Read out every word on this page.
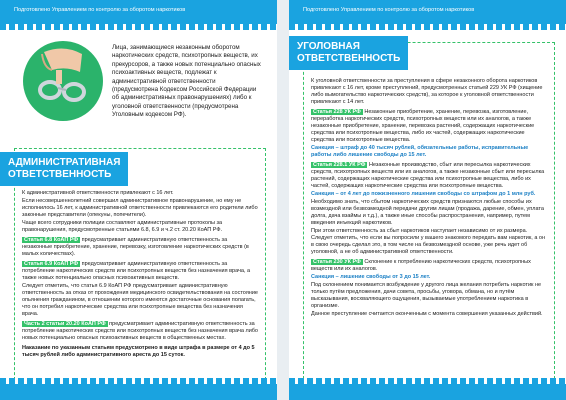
Подготовлено Управлением по контролю за оборотом наркотиков
Лица, занимающиеся незаконным оборотом наркотических средств, психотропных веществ, их прекурсоров, а также новых потенциально опасных психоактивных веществ, подлежат к административной ответственности (предусмотрена Кодексом Российской Федерации об административных правонарушениях) либо к уголовной ответственности (предусмотрена Уголовным кодексом РФ).
АДМИНИСТРАТИВНАЯ
ОТВЕТСТВЕННОСТЬ

К административной ответственности привлекают с 16 лет.

Если несовершеннолетний совершил административное правонарушение, но ему не исполнилось 16 лет, к административной ответственности привлекаются его родители либо законные представители (опекуны, попечители).

Чаще всего сотрудники полиции составляют административные протоколы за правонарушения, предусмотренные статьями 6.8, 6.9 и ч.2 ст. 20.20 КоАП РФ.

Статья 6.8 КоАП РФ предусматривает административную ответственность за незаконные приобретение, хранение, перевозку, изготовление наркотических средств (в малых количествах).

Статья 6.9 КоАП РФ предусматривает административную ответственность за потребление наркотических средств или психотропных веществ без назначения врача, а также новых потенциально опасных психоактивных веществ.

Следует отметить, что статья 6.9 КоАП РФ предусматривает административную ответственность за отказ от прохождения медицинского освидетельствования на состояние опьянения гражданином, в отношении которого имеются достаточные основания полагать, что он потребил наркотические средства или психотропные вещества без назначения врача.

Часть 2 статьи 20.20 КоАП РФ предусматривает административную ответственность за потребление наркотических средств или психотропных веществ без назначения врача либо новых потенциально опасных психоактивных веществ в общественных местах.

Наказание по указанным статьям предусмотрено в виде штрафа в размере от 4 до 5 тысяч рублей либо административного ареста до 15 суток.

Подготовлено Управлением по контролю за оборотом наркотиков
УГОЛОВНАЯ
ОТВЕТСТВЕННОСТЬ

К уголовной ответственности за преступления в сфере незаконного оборота наркотиков привлекают с 16 лет, кроме преступлений, предусмотренных статьей 229 УК РФ (хищение либо вымогательство наркотических средств), за которое к уголовной ответственности привлекают с 14 лет.

Статья 228 УК РФ Незаконные приобретение, хранение, перевозка, изготовление, переработка наркотических средств, психотропных веществ или их аналогов, а также незаконные приобретение, хранение, перевозка растений, содержащих наркотические средства или психотропные вещества, либо их частей, содержащих наркотические средства или психотропные вещества.

Санкция – штраф до 40 тысяч рублей, обязательные работы, исправительные работы либо лишение свободы до 15 лет.

Статья 228.1 УК РФ Незаконные производство, сбыт или пересылка наркотических средств, психотропных веществ или их аналогов, а также незаконные сбыт или пересылка растений, содержащих наркотические средства или психотропные вещества, либо их частей, содержащих наркотические средства или психотропные вещества.

Санкция – от 4 лет до пожизненного лишения свободы со штрафом до 1 млн руб.

Необходимо знать, что сбытом наркотических средств признаются любые способы их возмездной или безвозмездной передачи другим лицам (продажа, дарение, обмен, уплата долга, дача взаймы и т.д.), а также иные способы распространения, например, путем введения инъекций наркотиков.

При этом ответственность за сбыт наркотиков наступает независимо от их размера. Следует отметить, что если вы попросили у вашего знакомого передать вам наркотик, а он в свою очередь сделал это, в том числе на безвозмездной основе, уже речь идет об уголовной, а не об административной ответственности.

Статья 230 УК РФ Склонение к потреблению наркотических средств, психотропных веществ или их аналогов.

Санкция – лишение свободы от 3 до 15 лет.

Под склонением понимается возбуждение у другого лица желания потребить наркотик не только путём предложения, дачи совета, просьбы, уговора, обмана, но и путём высказывания, восхваляющего ощущения, вызываемые употреблением наркотика в организме.

Данное преступление считается оконченным с момента совершения указанных действий.
